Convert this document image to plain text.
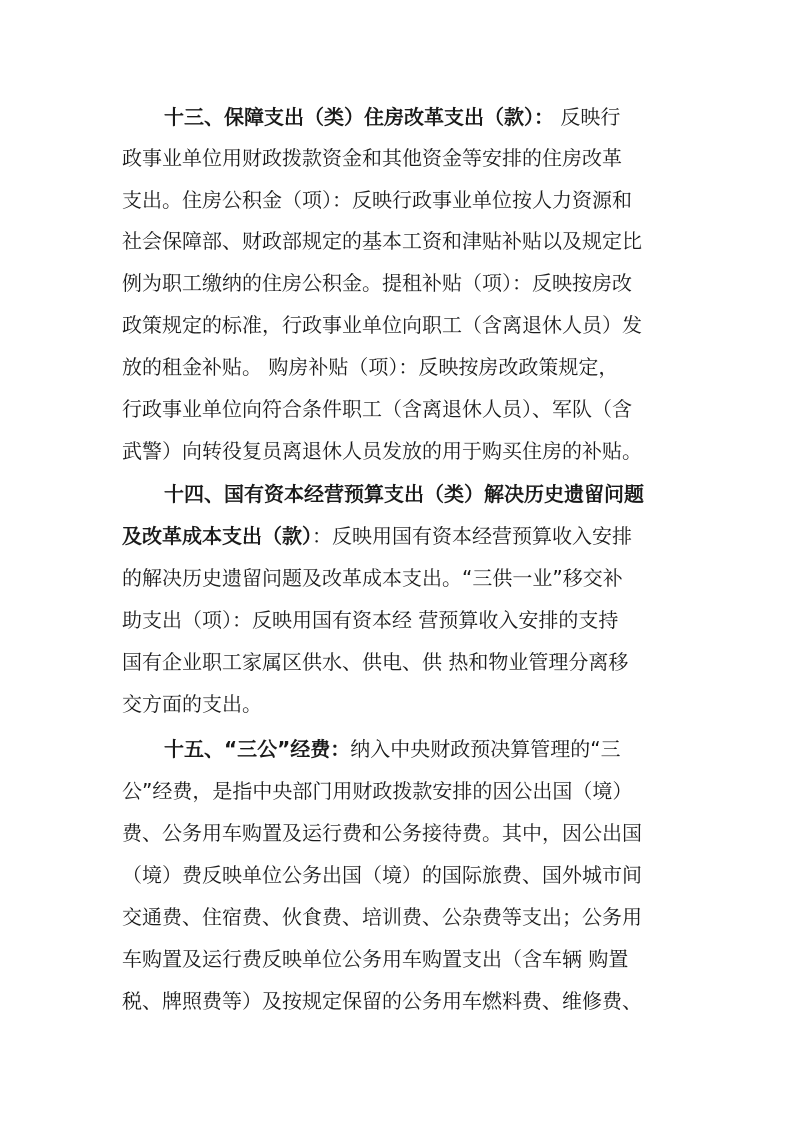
十三、保障支出（类）住房改革支出（款）： 反映行
政事业单位用财政拨款资金和其他资金等安排的住房改革
支出。住房公积金（项）：反映行政事业单位按人力资源和
社会保障部、财政部规定的基本工资和津贴补贴以及规定比
例为职工缴纳的住房公积金。提租补贴（项）：反映按房改
政策规定的标准，行政事业单位向职工（含离退休人员）发
放的租金补贴。 购房补贴（项）：反映按房改政策规定，
行政事业单位向符合条件职工（含离退休人员）、军队（含
武警）向转役复员离退休人员发放的用于购买住房的补贴。
十四、国有资本经营预算支出（类）解决历史遗留问题
及改革成本支出（款）：反映用国有资本经营预算收入安排
的解决历史遗留问题及改革成本支出。“三供一业”移交补
助支出（项）：反映用国有资本经 营预算收入安排的支持
国有企业职工家属区供水、供电、供 热和物业管理分离移
交方面的支出。
十五、“三公”经费：纳入中央财政预决算管理的“三
公”经费，是指中央部门用财政拨款安排的因公出国（境）
费、公务用车购置及运行费和公务接待费。其中，因公出国
（境）费反映单位公务出国（境）的国际旅费、国外城市间
交通费、住宿费、伙食费、培训费、公杂费等支出；公务用
车购置及运行费反映单位公务用车购置支出（含车辆 购置
税、牌照费等）及按规定保留的公务用车燃料费、维修费、
